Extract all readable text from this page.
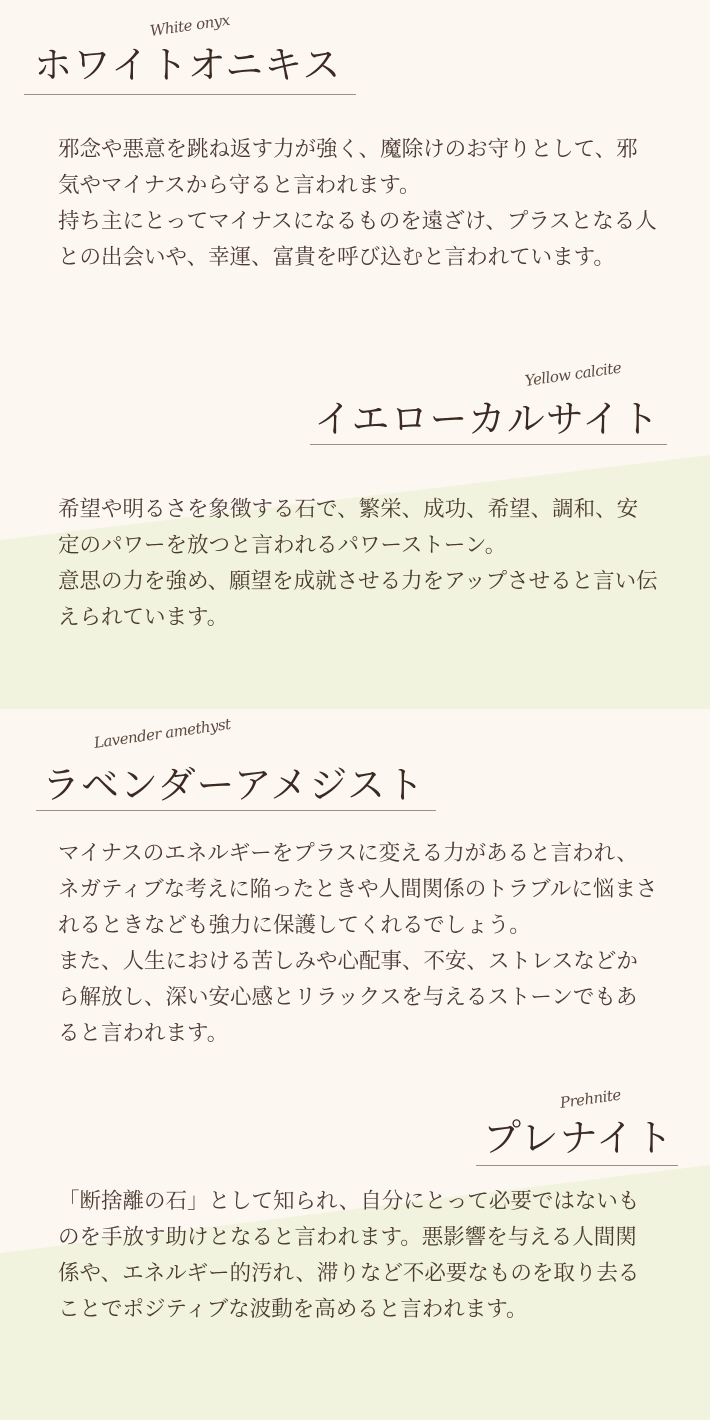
White onyx
ホワイトオニキス

邪念や悪意を跳ね返す力が強く、魔除けのお守りとして、邪気やマイナスから守ると言われます。

持ち主にとってマイナスになるものを遠ざけ、プラスとなる人との出会いや、幸運、富貴を呼び込むと言われています。

Yellow calcite
イエローカルサイト

希望や明るさを象徴する石で、繁栄、成功、希望、調和、安定のパワーを放つと言われるパワーストーン。

意思の力を強め、願望を成就させる力をアップさせると言い伝えられています。

Lavender amethyst
ラベンダーアメジスト

マイナスのエネルギーをプラスに変える力があると言われ、ネガティブな考えに陥ったときや人間関係のトラブルに悩まされるときなども強力に保護してくれるでしょう。

また、人生における苦しみや心配事、不安、ストレスなどから解放し、深い安心感とリラックスを与えるストーンでもあると言われます。

Prehnite
プレナイト

「断捨離の石」として知られ、自分にとって必要ではないものを手放す助けとなると言われます。悪影響を与える人間関係や、エネルギー的汚れ、滞りなど不必要なものを取り去ることでポジティブな波動を高めると言われます。
